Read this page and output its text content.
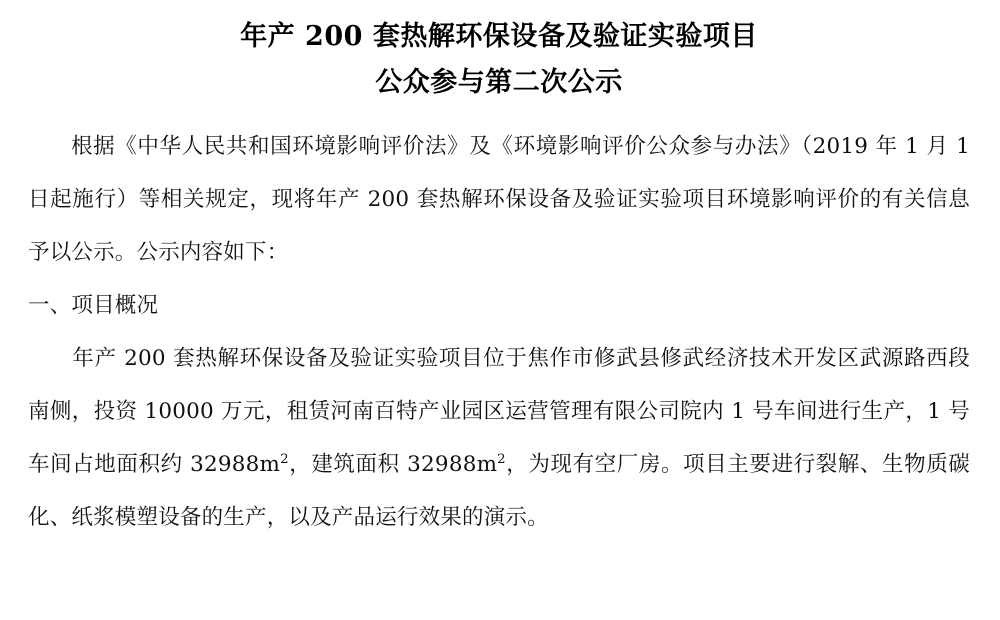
年产 200 套热解环保设备及验证实验项目
公众参与第二次公示

根据《中华人民共和国环境影响评价法》及《环境影响评价公众参与办法》（2019 年 1 月 1 日起施行）等相关规定，现将年产 200 套热解环保设备及验证实验项目环境影响评价的有关信息予以公示。公示内容如下：

一、项目概况

　　年产 200 套热解环保设备及验证实验项目位于焦作市修武县修武经济技术开发区武源路西段南侧，投资 10000 万元，租赁河南百特产业园区运营管理有限公司院内 1 号车间进行生产，1 号车间占地面积约 $32988m^2$，建筑面积 $32988m^2$，为现有空厂房。项目主要进行裂解、生物质碳化、纸浆模塑设备的生产，以及产品运行效果的演示。
